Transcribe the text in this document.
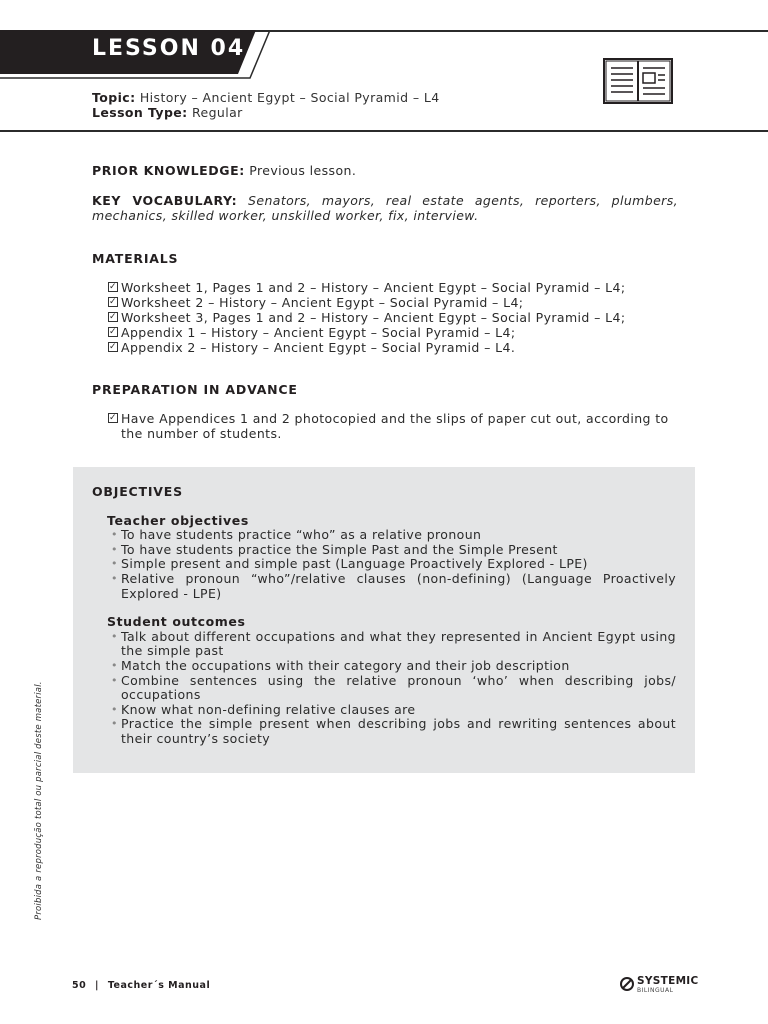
LESSON 04
Topic: History – Ancient Egypt – Social Pyramid – L4
Lesson Type: Regular
PRIOR KNOWLEDGE: Previous lesson.
KEY VOCABULARY: Senators, mayors, real estate agents, reporters, plumbers, mechanics, skilled worker, unskilled worker, fix, interview.
MATERIALS
✓ Worksheet 1, Pages 1 and 2 – History – Ancient Egypt – Social Pyramid – L4;
✓ Worksheet 2 – History – Ancient Egypt – Social Pyramid – L4;
✓ Worksheet 3, Pages 1 and 2 – History – Ancient Egypt – Social Pyramid – L4;
✓ Appendix 1 – History – Ancient Egypt – Social Pyramid – L4;
✓ Appendix 2 – History – Ancient Egypt – Social Pyramid – L4.
PREPARATION IN ADVANCE
✓ Have Appendices 1 and 2 photocopied and the slips of paper cut out, according to the number of students.
OBJECTIVES
Teacher objectives
• To have students practice “who” as a relative pronoun
• To have students practice the Simple Past and the Simple Present
• Simple present and simple past (Language Proactively Explored - LPE)
• Relative pronoun “who”/relative clauses (non-defining) (Language Proactively Explored - LPE)
Student outcomes
• Talk about different occupations and what they represented in Ancient Egypt using the simple past
• Match the occupations with their category and their job description
• Combine sentences using the relative pronoun ‘who’ when describing jobs/ occupations
• Know what non-defining relative clauses are
• Practice the simple present when describing jobs and rewriting sentences about their country’s society
Proibida a reprodução total ou parcial deste material.
50 | Teacher´s Manual	SYSTEMIC
BILINGUAL
